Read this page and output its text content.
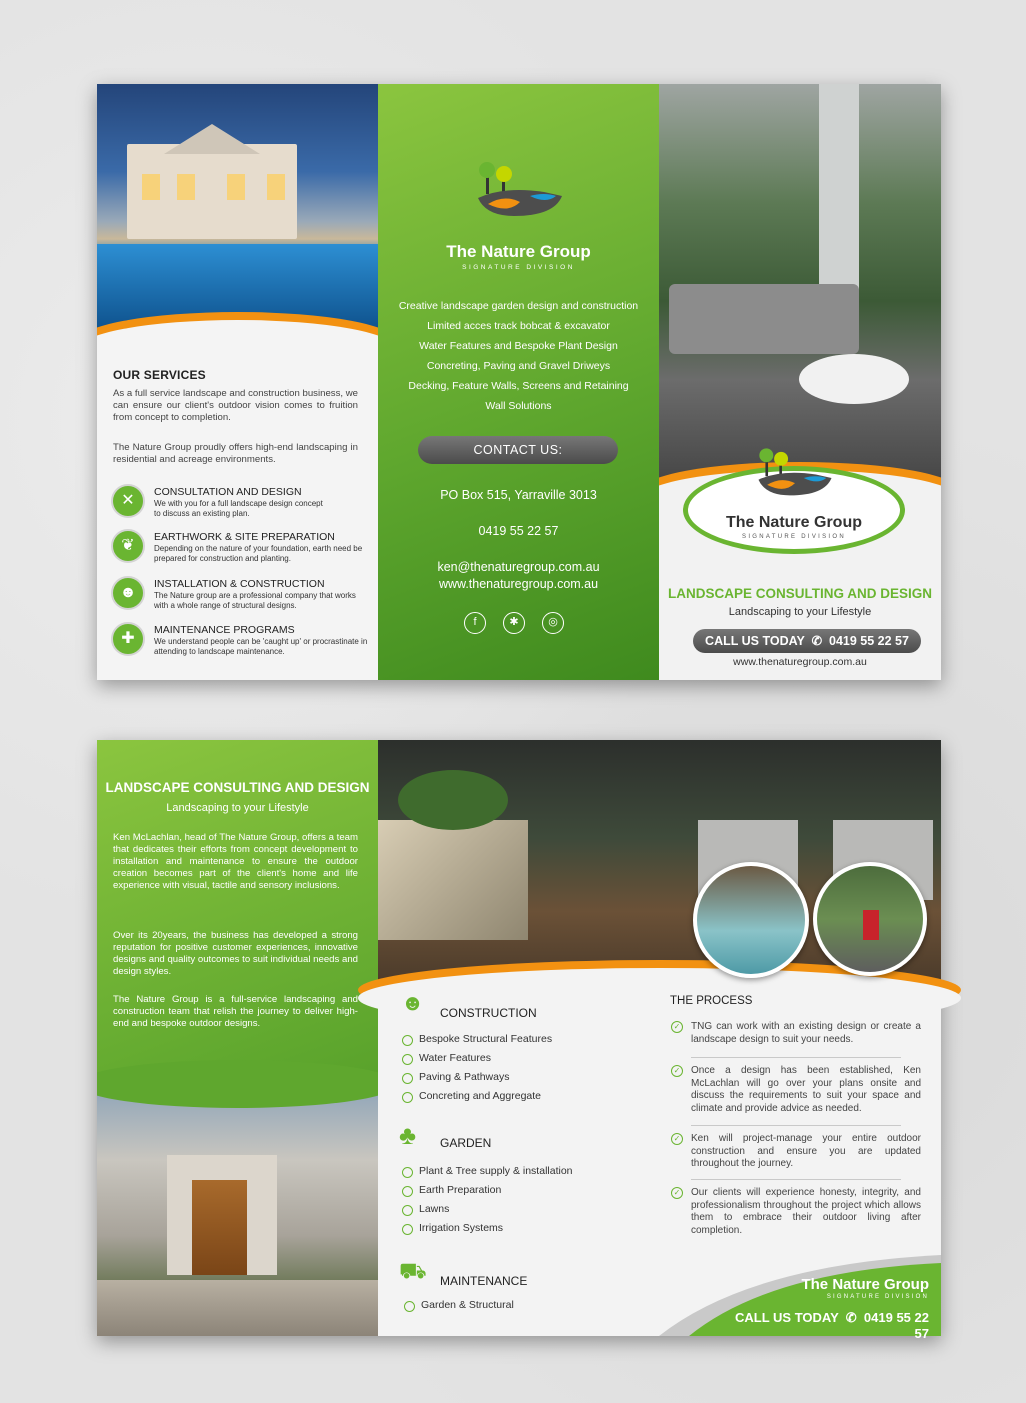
OUR SERVICES
As a full service landscape and construction business, we can ensure our client's outdoor vision comes to fruition from concept to completion.
The Nature Group proudly offers high-end landscaping in residential and acreage environments.
✕	CONSULTATION AND DESIGN
We with you for a full landscape design concept to discuss an existing plan.
❦	EARTHWORK & SITE PREPARATION
Depending on the nature of your foundation, earth need be prepared for construction and planting.
☻	INSTALLATION & CONSTRUCTION
The Nature group are a professional company that works with a whole range of structural designs.
✚	MAINTENANCE PROGRAMS
We understand people can be 'caught up' or procrastinate in attending to landscape maintenance.
The Nature Group
SIGNATURE DIVISION
Creative landscape garden design and construction
Limited acces track bobcat & excavator
Water Features and Bespoke Plant Design
Concreting, Paving and Gravel Driweys
Decking, Feature Walls, Screens and Retaining
Wall Solutions
CONTACT US:
PO Box 515, Yarraville 3013
0419 55 22 57
ken@thenaturegroup.com.au
www.thenaturegroup.com.au
f	✱	◎
The Nature Group
SIGNATURE DIVISION
LANDSCAPE CONSULTING AND DESIGN
Landscaping to your Lifestyle
CALL US TODAY  ✆  0419 55 22 57
www.thenaturegroup.com.au
LANDSCAPE CONSULTING AND DESIGN
Landscaping to your Lifestyle
Ken McLachlan, head of The Nature Group, offers a team that dedicates their efforts from concept development to installation and maintenance to ensure the outdoor creation becomes part of the client's home and life experience with visual, tactile and sensory inclusions.
Over its 20years, the business has developed a strong reputation for positive customer experiences, innovative designs and quality outcomes to suit individual needs and design styles.
The Nature Group is a full-service landscaping and construction team that relish the journey to deliver high-end and bespoke outdoor designs.
☻ CONSTRUCTION
Bespoke Structural Features
Water Features
Paving & Pathways
Concreting and Aggregate
♣ GARDEN
Plant & Tree supply & installation
Earth Preparation
Lawns
Irrigation Systems
⛟ MAINTENANCE
Garden & Structural
THE PROCESS
✓ TNG can work with an existing design or create a landscape design to suit your needs.
✓ Once a design has been established, Ken McLachlan will go over your plans onsite and discuss the requirements to suit your space and climate and provide advice as needed.
✓ Ken will project-manage your entire outdoor construction and ensure you are updated throughout the journey.
✓ Our clients will experience honesty, integrity, and professionalism throughout the project which allows them to embrace their outdoor living after completion.
The Nature Group
SIGNATURE DIVISION
CALL US TODAY  ✆  0419 55 22 57
